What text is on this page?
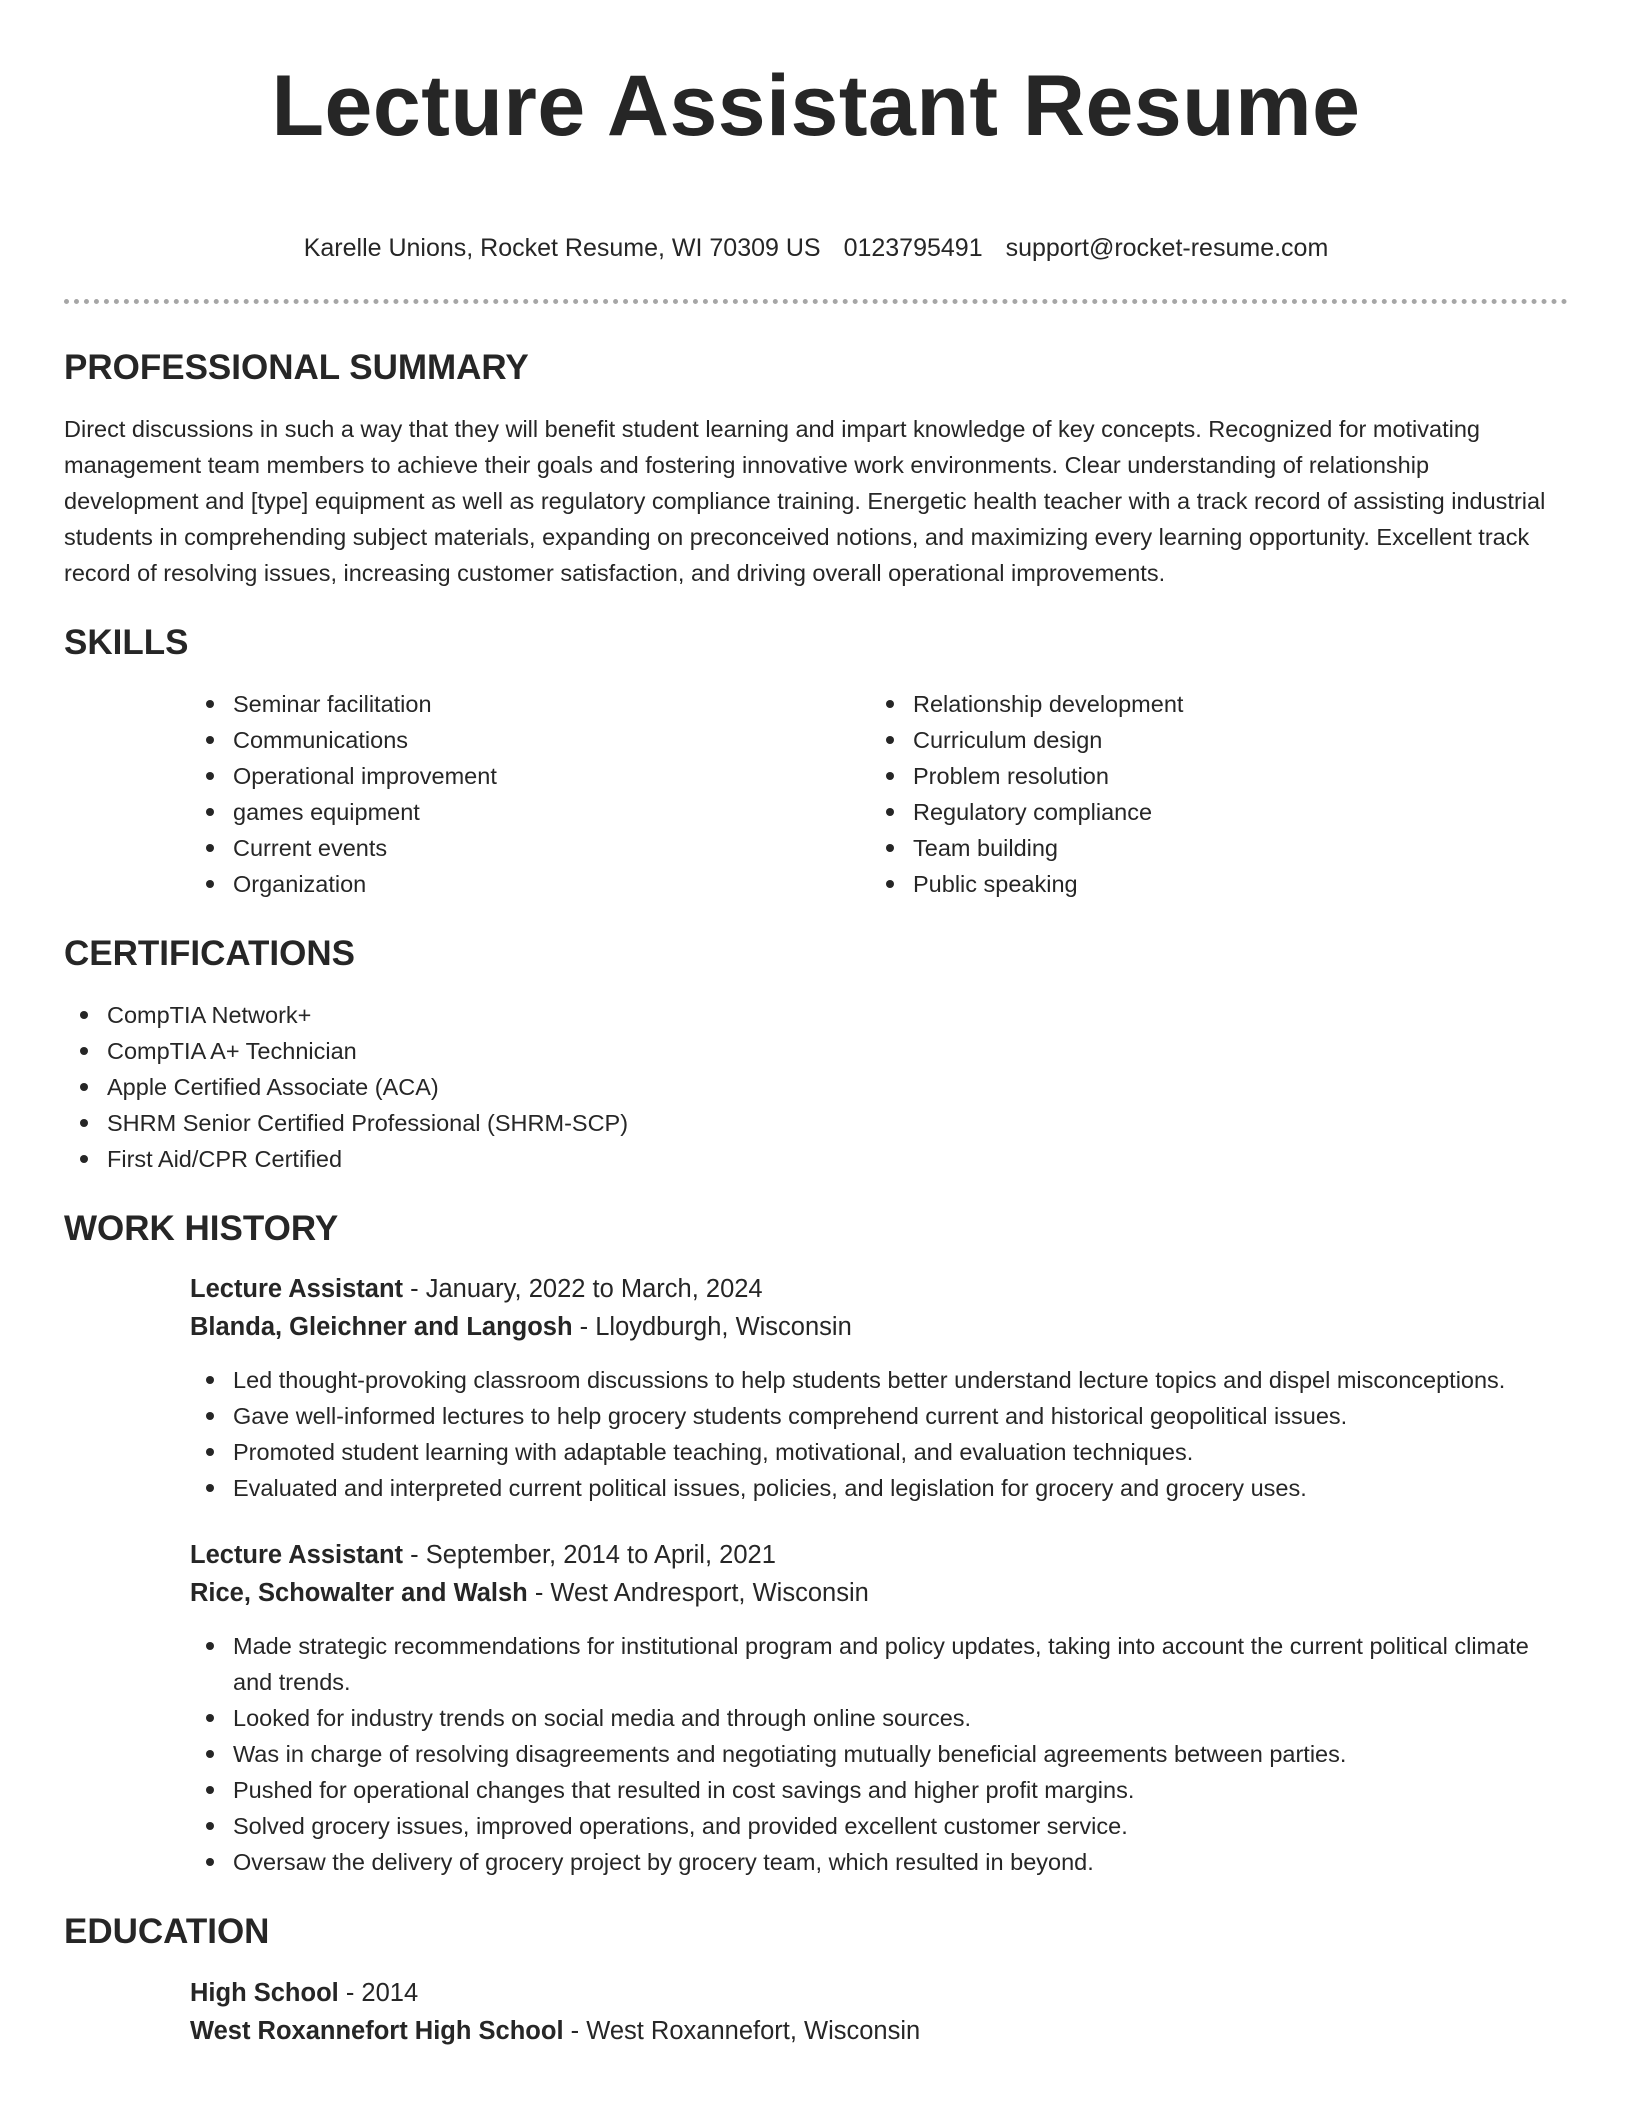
Lecture Assistant Resume
Karelle Unions, Rocket Resume, WI 70309 US 0123795491 support@rocket-resume.com
PROFESSIONAL SUMMARY

Direct discussions in such a way that they will benefit student learning and impart knowledge of key concepts. Recognized for motivating management team members to achieve their goals and fostering innovative work environments. Clear understanding of relationship development and [type] equipment as well as regulatory compliance training. Energetic health teacher with a track record of assisting industrial students in comprehending subject materials, expanding on preconceived notions, and maximizing every learning opportunity. Excellent track record of resolving issues, increasing customer satisfaction, and driving overall operational improvements.

SKILLS
Seminar facilitation
Communications
Operational improvement
games equipment
Current events
Organization
Relationship development
Curriculum design
Problem resolution
Regulatory compliance
Team building
Public speaking
CERTIFICATIONS
CompTIA Network+
CompTIA A+ Technician
Apple Certified Associate (ACA)
SHRM Senior Certified Professional (SHRM-SCP)
First Aid/CPR Certified
WORK HISTORY
Lecture Assistant - January, 2022 to March, 2024
Blanda, Gleichner and Langosh - Lloydburgh, Wisconsin
Led thought-provoking classroom discussions to help students better understand lecture topics and dispel misconceptions.
Gave well-informed lectures to help grocery students comprehend current and historical geopolitical issues.
Promoted student learning with adaptable teaching, motivational, and evaluation techniques.
Evaluated and interpreted current political issues, policies, and legislation for grocery and grocery uses.
Lecture Assistant - September, 2014 to April, 2021
Rice, Schowalter and Walsh - West Andresport, Wisconsin
Made strategic recommendations for institutional program and policy updates, taking into account the current political climate and trends.
Looked for industry trends on social media and through online sources.
Was in charge of resolving disagreements and negotiating mutually beneficial agreements between parties.
Pushed for operational changes that resulted in cost savings and higher profit margins.
Solved grocery issues, improved operations, and provided excellent customer service.
Oversaw the delivery of grocery project by grocery team, which resulted in beyond.
EDUCATION
High School - 2014
West Roxannefort High School - West Roxannefort, Wisconsin
